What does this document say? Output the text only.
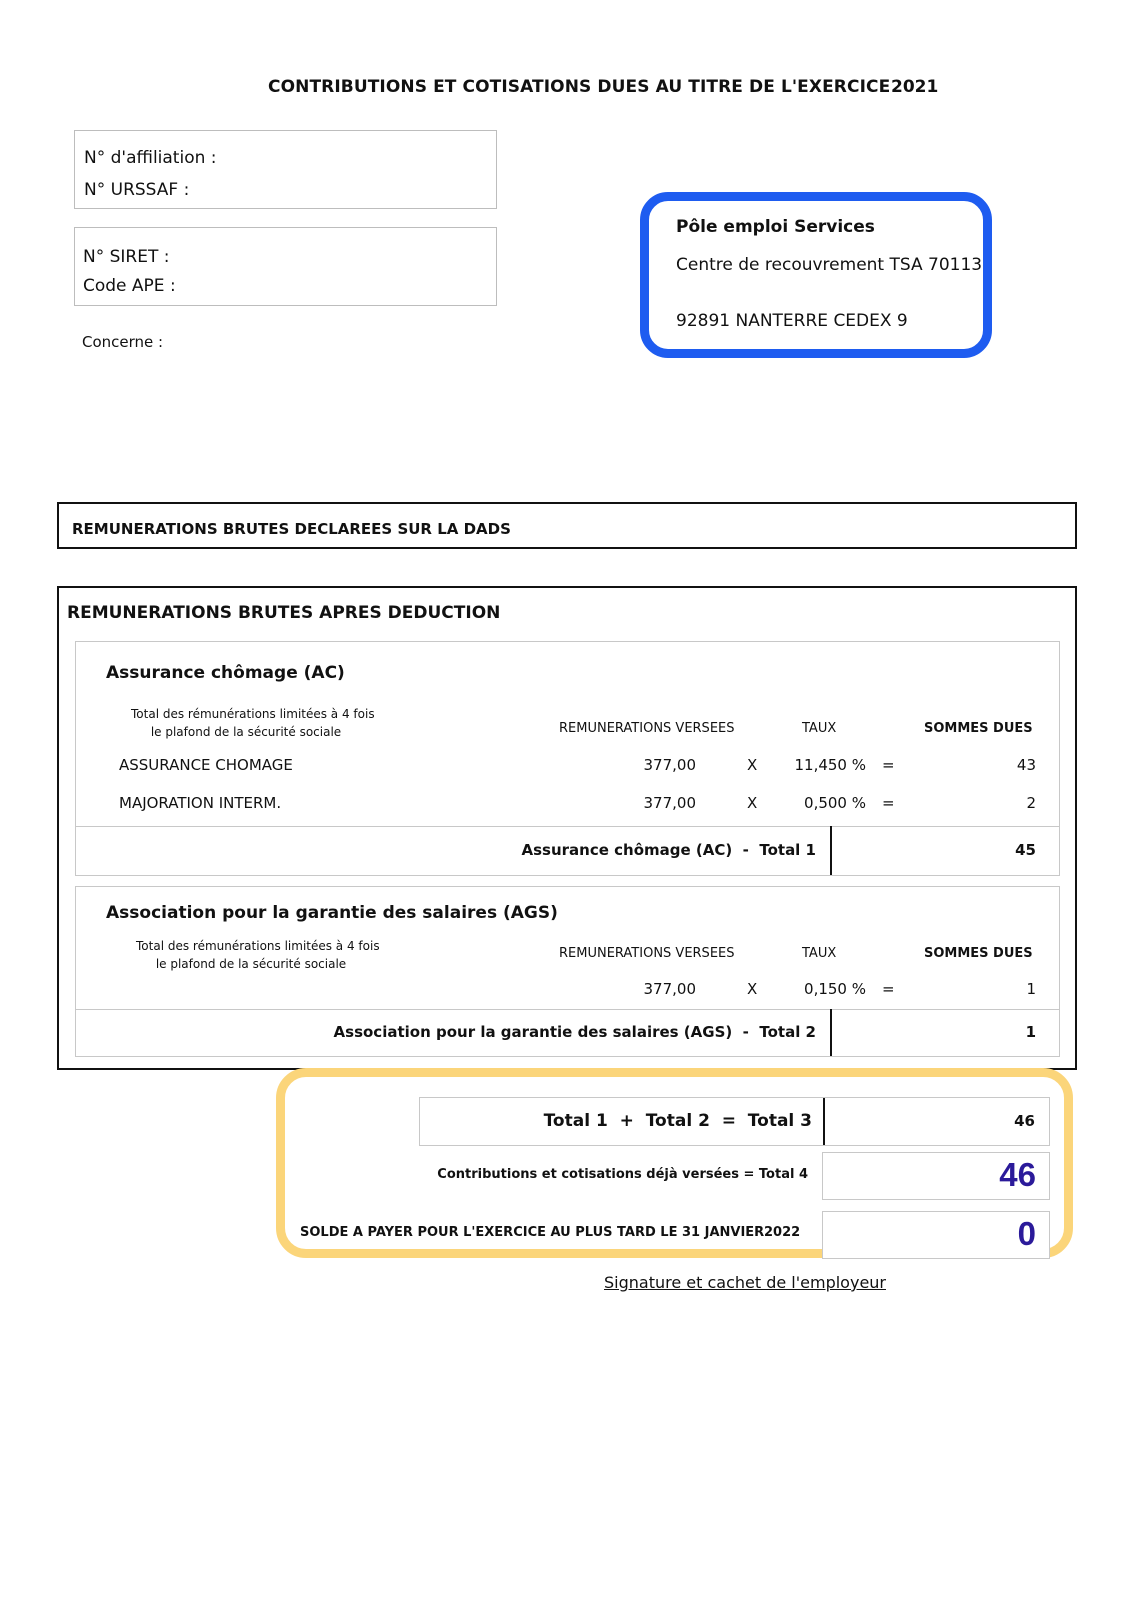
CONTRIBUTIONS ET COTISATIONS DUES AU TITRE DE L'EXERCICE 2021
N° d'affiliation :
N° URSSAF :
N° SIRET :
Code APE :
Concerne :
Pôle emploi Services
Centre de recouvrement TSA 70113
92891 NANTERRE CEDEX 9
REMUNERATIONS BRUTES DECLAREES SUR LA DADS
REMUNERATIONS BRUTES APRES DEDUCTION
Assurance chômage (AC)
Total des rémunérations limitées à 4 fois
le plafond de la sécurité sociale	REMUNERATIONS VERSEES	TAUX	SOMMES DUES
ASSURANCE CHOMAGE	377,00	X	11,450 % =	43
MAJORATION INTERM.	377,00	X	0,500 % =	2
Assurance chômage (AC)  -  Total 1	45
Association pour la garantie des salaires (AGS)
Total des rémunérations limitées à 4 fois
le plafond de la sécurité sociale
REMUNERATIONS VERSEES	TAUX	SOMMES DUES
377,00	X	0,150 % =	1
Association pour la garantie des salaires (AGS)  -  Total 2	1
Total 1  +  Total 2  =  Total 3	46
Contributions et cotisations déjà versées = Total 4	46
SOLDE A PAYER POUR L'EXERCICE AU PLUS TARD LE 31 JANVIER 2022	0
Signature et cachet de l'employeur
